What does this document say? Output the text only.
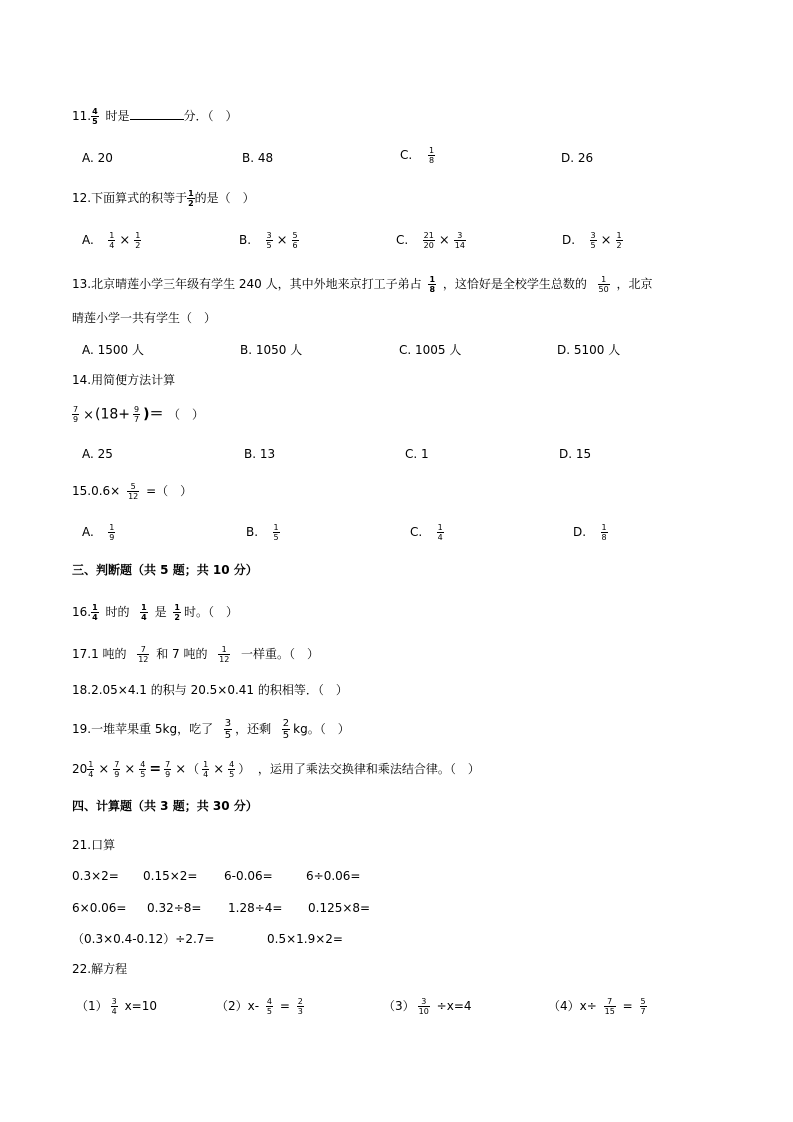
11. $\frac{4}{5}$ 时是	分．（　）
A. 20	B. 48	C. $\frac{1}{8}$	D. 26
12.下面算式的积等于 $\frac{1}{2}$ 的是（　）
A. $\frac{1}{4} \times \frac{1}{2}$	B. $\frac{3}{5} \times \frac{5}{6}$	C. $\frac{21}{20} \times \frac{3}{14}$	D. $\frac{3}{5} \times \frac{1}{2}$
13.北京晴莲小学三年级有学生 240 人，其中外地来京打工子弟占 $\frac{1}{8}$ ，这恰好是全校学生总数的 $\frac{1}{50}$ ，北京
晴莲小学一共有学生（　）
A. 1500 人	B. 1050 人	C. 1005 人	D. 5100 人
14.用简便方法计算
$\frac{7}{9} \times(18+ \frac{9}{7}$ )＝ （　）
A. 25	B. 13	C. 1	D. 15
$15.0.6\times \frac{5}{12}$ =（　）
A. $\frac{1}{9}$	B. $\frac{1}{5}$	C. $\frac{1}{4}$	D. $\frac{1}{8}$
三、判断题（共 5 题；共 10 分）
16. $\frac{1}{4}$ 时的 $\frac{1}{4}$ 是 $\frac{1}{2}$ 时。（　）
17.1 吨的 $\frac{7}{12}$ 和 7 吨的 $\frac{1}{12}$ 一样重。（　）
18.2.05×4.1 的积与 20.5×0.41 的积相等．（　）
19.一堆苹果重 5kg，吃了 $\frac{3}{5}$ ，还剩 $\frac{2}{5}$ kg。（　）
$20 \frac{1}{4} \times \frac{7}{9} \times \frac{4}{5} = \frac{7}{9}$ ×（ $\frac{1}{4} \times \frac{4}{5}$ ） ，运用了乘法交换律和乘法结合律。（　）
四、计算题（共 3 题；共 30 分）
21.口算
0.3×2= 0.15×2= 6-0.06=	6÷0.06=
6×0.06= 0.32÷8= 1.28÷4= 0.125×8=
（0.3×0.4-0.12）÷2.7=	0.5×1.9×2=
22.解方程
$(1) \frac{3}{4} x=10$	$(2)x- \frac{4}{5} = \frac{2}{3}$	$(3) \frac{3}{10} \div x=4$	$(4)x\div \frac{7}{15} = \frac{5}{7}$
